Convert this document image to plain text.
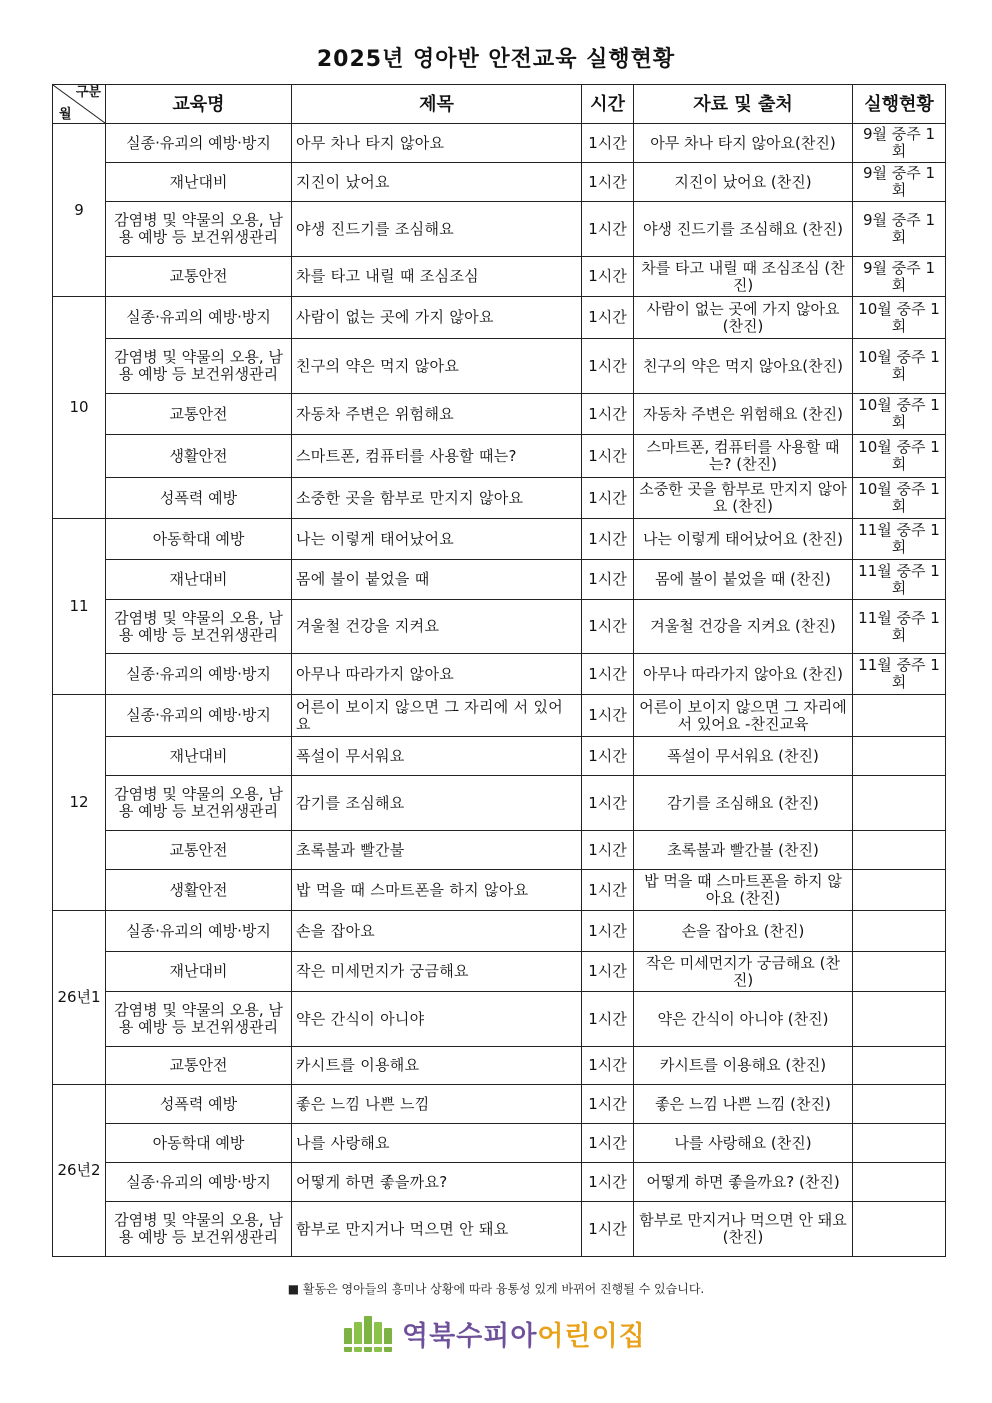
2025년 영아반 안전교육 실행현황
구분
월	교육명	제목	시간	자료 및 출처	실행현황
9	실종·유괴의 예방·방지	아무 차나 타지 않아요	1시간	아무 차나 타지 않아요(찬진)	9월 중주 1회
	재난대비	지진이 났어요	1시간	지진이 났어요 (찬진)	9월 중주 1회
	감염병 및 약물의 오용, 남용 예방 등 보건위생관리	야생 진드기를 조심해요	1시간	야생 진드기를 조심해요 (찬진)	9월 중주 1회
	교통안전	차를 타고 내릴 때 조심조심	1시간	차를 타고 내릴 때 조심조심 (찬진)	9월 중주 1회
10	실종·유괴의 예방·방지	사람이 없는 곳에 가지 않아요	1시간	사람이 없는 곳에 가지 않아요 (찬진)	10월 중주 1회
	감염병 및 약물의 오용, 남용 예방 등 보건위생관리	친구의 약은 먹지 않아요	1시간	친구의 약은 먹지 않아요(찬진)	10월 중주 1회
	교통안전	자동차 주변은 위험해요	1시간	자동차 주변은 위험해요 (찬진)	10월 중주 1회
	생활안전	스마트폰, 컴퓨터를 사용할 때는?	1시간	스마트폰, 컴퓨터를 사용할 때는? (찬진)	10월 중주 1회
	성폭력 예방	소중한 곳을 함부로 만지지 않아요	1시간	소중한 곳을 함부로 만지지 않아요 (찬진)	10월 중주 1회
11	아동학대 예방	나는 이렇게 태어났어요	1시간	나는 이렇게 태어났어요 (찬진)	11월 중주 1회
	재난대비	몸에 불이 붙었을 때	1시간	몸에 불이 붙었을 때 (찬진)	11월 중주 1회
	감염병 및 약물의 오용, 남용 예방 등 보건위생관리	겨울철 건강을 지켜요	1시간	겨울철 건강을 지켜요 (찬진)	11월 중주 1회
	실종·유괴의 예방·방지	아무나 따라가지 않아요	1시간	아무나 따라가지 않아요 (찬진)	11월 중주 1회
12	실종·유괴의 예방·방지	어른이 보이지 않으면 그 자리에 서 있어요	1시간	어른이 보이지 않으면 그 자리에 서 있어요 -찬진교육	
	재난대비	폭설이 무서워요	1시간	폭설이 무서워요 (찬진)	
	감염병 및 약물의 오용, 남용 예방 등 보건위생관리	감기를 조심해요	1시간	감기를 조심해요 (찬진)	
	교통안전	초록불과 빨간불	1시간	초록불과 빨간불 (찬진)	
	생활안전	밥 먹을 때 스마트폰을 하지 않아요	1시간	밥 먹을 때 스마트폰을 하지 않아요 (찬진)	
26년1	실종·유괴의 예방·방지	손을 잡아요	1시간	손을 잡아요 (찬진)	
	재난대비	작은 미세먼지가 궁금해요	1시간	작은 미세먼지가 궁금해요 (찬진)	
	감염병 및 약물의 오용, 남용 예방 등 보건위생관리	약은 간식이 아니야	1시간	약은 간식이 아니야 (찬진)	
	교통안전	카시트를 이용해요	1시간	카시트를 이용해요 (찬진)	
26년2	성폭력 예방	좋은 느낌 나쁜 느낌	1시간	좋은 느낌 나쁜 느낌 (찬진)	
	아동학대 예방	나를 사랑해요	1시간	나를 사랑해요 (찬진)	
	실종·유괴의 예방·방지	어떻게 하면 좋을까요?	1시간	어떻게 하면 좋을까요? (찬진)	
	감염병 및 약물의 오용, 남용 예방 등 보건위생관리	함부로 만지거나 먹으면 안 돼요	1시간	함부로 만지거나 먹으면 안 돼요 (찬진)	
■ 활동은 영아들의 흥미나 상황에 따라 융통성 있게 바뀌어 진행될 수 있습니다.
역북수피아 어린이집
